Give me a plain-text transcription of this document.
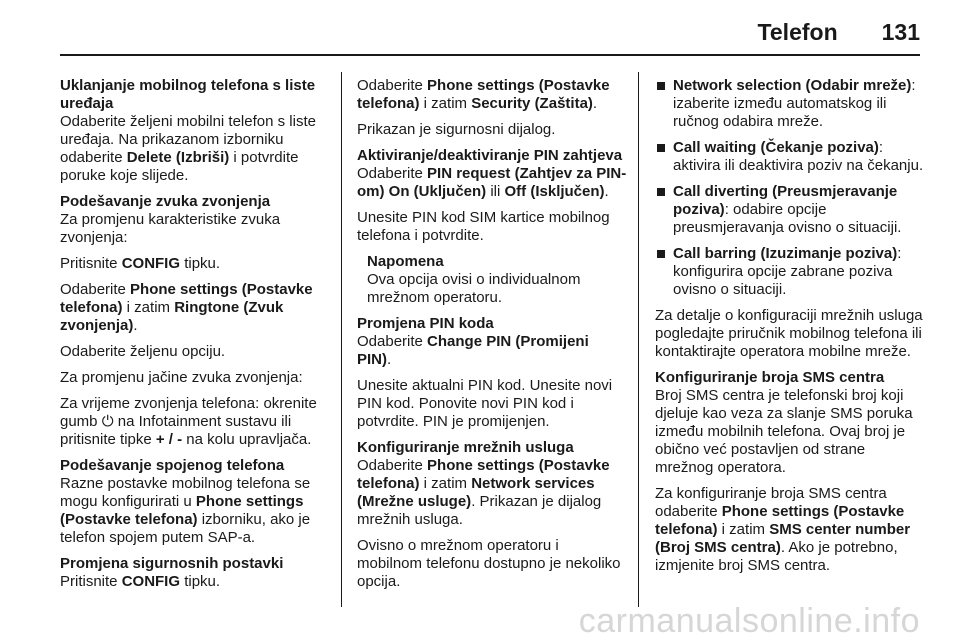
Telefon 131
Uklanjanje mobilnog telefona s liste uređaja

Odaberite željeni mobilni telefon s liste uređaja. Na prikazanom izborniku odaberite Delete (Izbriši) i potvrdite poruke koje slijede.

Podešavanje zvuka zvonjenja

Za promjenu karakteristike zvuka zvonjenja:

Pritisnite CONFIG tipku.

Odaberite Phone settings (Postavke telefona) i zatim Ringtone (Zvuk zvonjenja).

Odaberite željenu opciju.

Za promjenu jačine zvuka zvonjenja:

Za vrijeme zvonjenja telefona: okrenite gumb ⏻ na Infotainment sustavu ili pritisnite tipke + / - na kolu upravljača.

Podešavanje spojenog telefona

Razne postavke mobilnog telefona se mogu konfigurirati u Phone settings (Postavke telefona) izborniku, ako je telefon spojem putem SAP-a.

Promjena sigurnosnih postavki

Pritisnite CONFIG tipku.

Odaberite Phone settings (Postavke telefona) i zatim Security (Zaštita).

Prikazan je sigurnosni dijalog.

Aktiviranje/deaktiviranje PIN zahtjeva

Odaberite PIN request (Zahtjev za PIN-om) On (Uključen) ili Off (Isključen).

Unesite PIN kod SIM kartice mobilnog telefona i potvrdite.

Napomena
Ova opcija ovisi o individualnom mrežnom operatoru.
Promjena PIN koda

Odaberite Change PIN (Promijeni PIN).

Unesite aktualni PIN kod. Unesite novi PIN kod. Ponovite novi PIN kod i potvrdite. PIN je promijenjen.

Konfiguriranje mrežnih usluga

Odaberite Phone settings (Postavke telefona) i zatim Network services (Mrežne usluge). Prikazan je dijalog mrežnih usluga.

Ovisno o mrežnom operatoru i mobilnom telefonu dostupno je nekoliko opcija.

Network selection (Odabir mreže): izaberite između automatskog ili ručnog odabira mreže.
Call waiting (Čekanje poziva): aktivira ili deaktivira poziv na čekanju.
Call diverting (Preusmjeravanje poziva): odabire opcije preusmjeravanja ovisno o situaciji.
Call barring (Izuzimanje poziva): konfigurira opcije zabrane poziva ovisno o situaciji.

Za detalje o konfiguraciji mrežnih usluga pogledajte priručnik mobilnog telefona ili kontaktirajte operatora mobilne mreže.

Konfiguriranje broja SMS centra

Broj SMS centra je telefonski broj koji djeluje kao veza za slanje SMS poruka između mobilnih telefona. Ovaj broj je obično već postavljen od strane mrežnog operatora.

Za konfiguriranje broja SMS centra odaberite Phone settings (Postavke telefona) i zatim SMS center number (Broj SMS centra). Ako je potrebno, izmjenite broj SMS centra.

carmanualsonline.info
